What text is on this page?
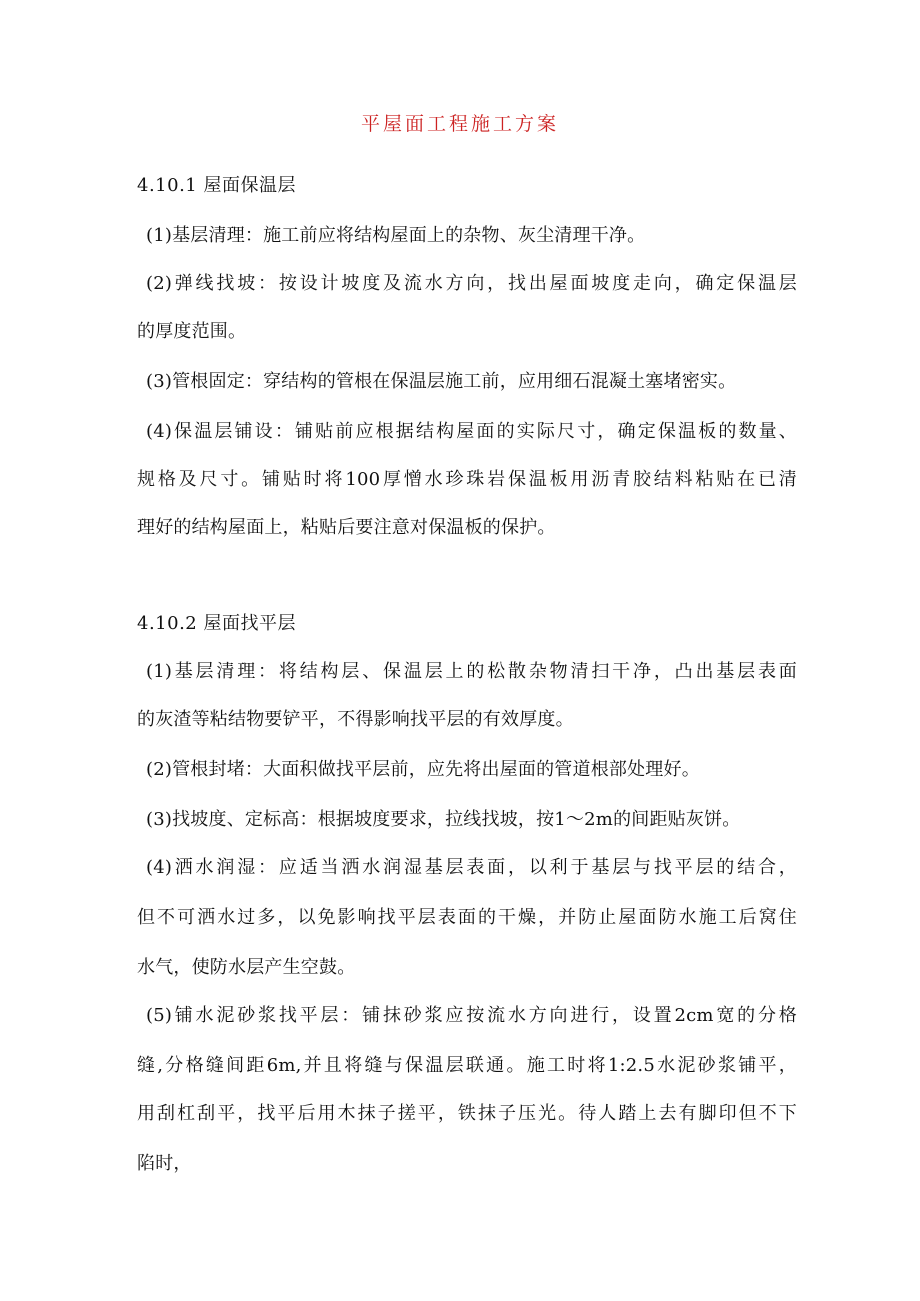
平屋面工程施工方案
4.10.1 屋面保温层
(1)基层清理：施工前应将结构屋面上的杂物、灰尘清理干净。
(2)弹线找坡：按设计坡度及流水方向，找出屋面坡度走向，确定保温层
的厚度范围。
(3)管根固定：穿结构的管根在保温层施工前，应用细石混凝土塞堵密实。
(4)保温层铺设：铺贴前应根据结构屋面的实际尺寸，确定保温板的数量、
规格及尺寸。铺贴时将100厚憎水珍珠岩保温板用沥青胶结料粘贴在已清
理好的结构屋面上，粘贴后要注意对保温板的保护。
4.10.2 屋面找平层
(1)基层清理：将结构层、保温层上的松散杂物清扫干净，凸出基层表面
的灰渣等粘结物要铲平，不得影响找平层的有效厚度。
(2)管根封堵：大面积做找平层前，应先将出屋面的管道根部处理好。
(3)找坡度、定标高：根据坡度要求，拉线找坡，按1～2m的间距贴灰饼。
(4)洒水润湿：应适当洒水润湿基层表面，以利于基层与找平层的结合，
但不可洒水过多，以免影响找平层表面的干燥，并防止屋面防水施工后窝住
水气，使防水层产生空鼓。
(5)铺水泥砂浆找平层：铺抹砂浆应按流水方向进行，设置2cm宽的分格
缝,分格缝间距6m,并且将缝与保温层联通。施工时将1:2.5水泥砂浆铺平，
用刮杠刮平，找平后用木抹子搓平，铁抹子压光。待人踏上去有脚印但不下
陷时，
